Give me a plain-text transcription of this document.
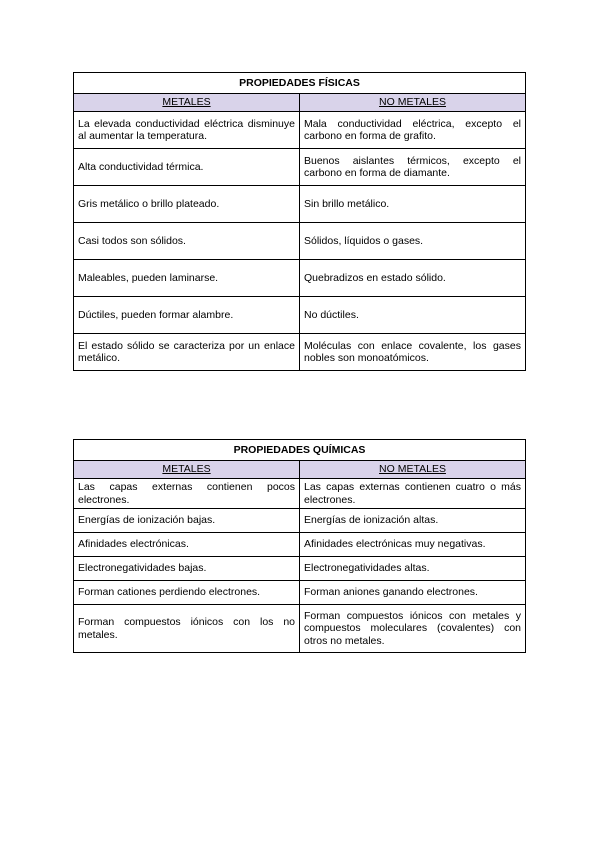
PROPIEDADES FÍSICAS	
METALES	NO METALES
La elevada conductividad eléctrica disminuye al aumentar la temperatura.	Mala conductividad eléctrica, excepto el carbono en forma de grafito.
Alta conductividad térmica.	Buenos aislantes térmicos, excepto el carbono en forma de diamante.
Gris metálico o brillo plateado.	Sin brillo metálico.
Casi todos son sólidos.	Sólidos, líquidos o gases.
Maleables, pueden laminarse.	Quebradizos en estado sólido.
Dúctiles, pueden formar alambre.	No dúctiles.
El estado sólido se caracteriza por un enlace metálico.	Moléculas con enlace covalente, los gases nobles son monoatómicos.
PROPIEDADES QUÍMICAS	
METALES	NO METALES
Las capas externas contienen pocos electrones.	Las capas externas contienen cuatro o más electrones.
Energías de ionización bajas.	Energías de ionización altas.
Afinidades electrónicas.	Afinidades electrónicas muy negativas.
Electronegatividades bajas.	Electronegatividades altas.
Forman cationes perdiendo electrones.	Forman aniones ganando electrones.
Forman compuestos iónicos con los no metales.	Forman compuestos iónicos con metales y compuestos moleculares (covalentes) con otros no metales.
